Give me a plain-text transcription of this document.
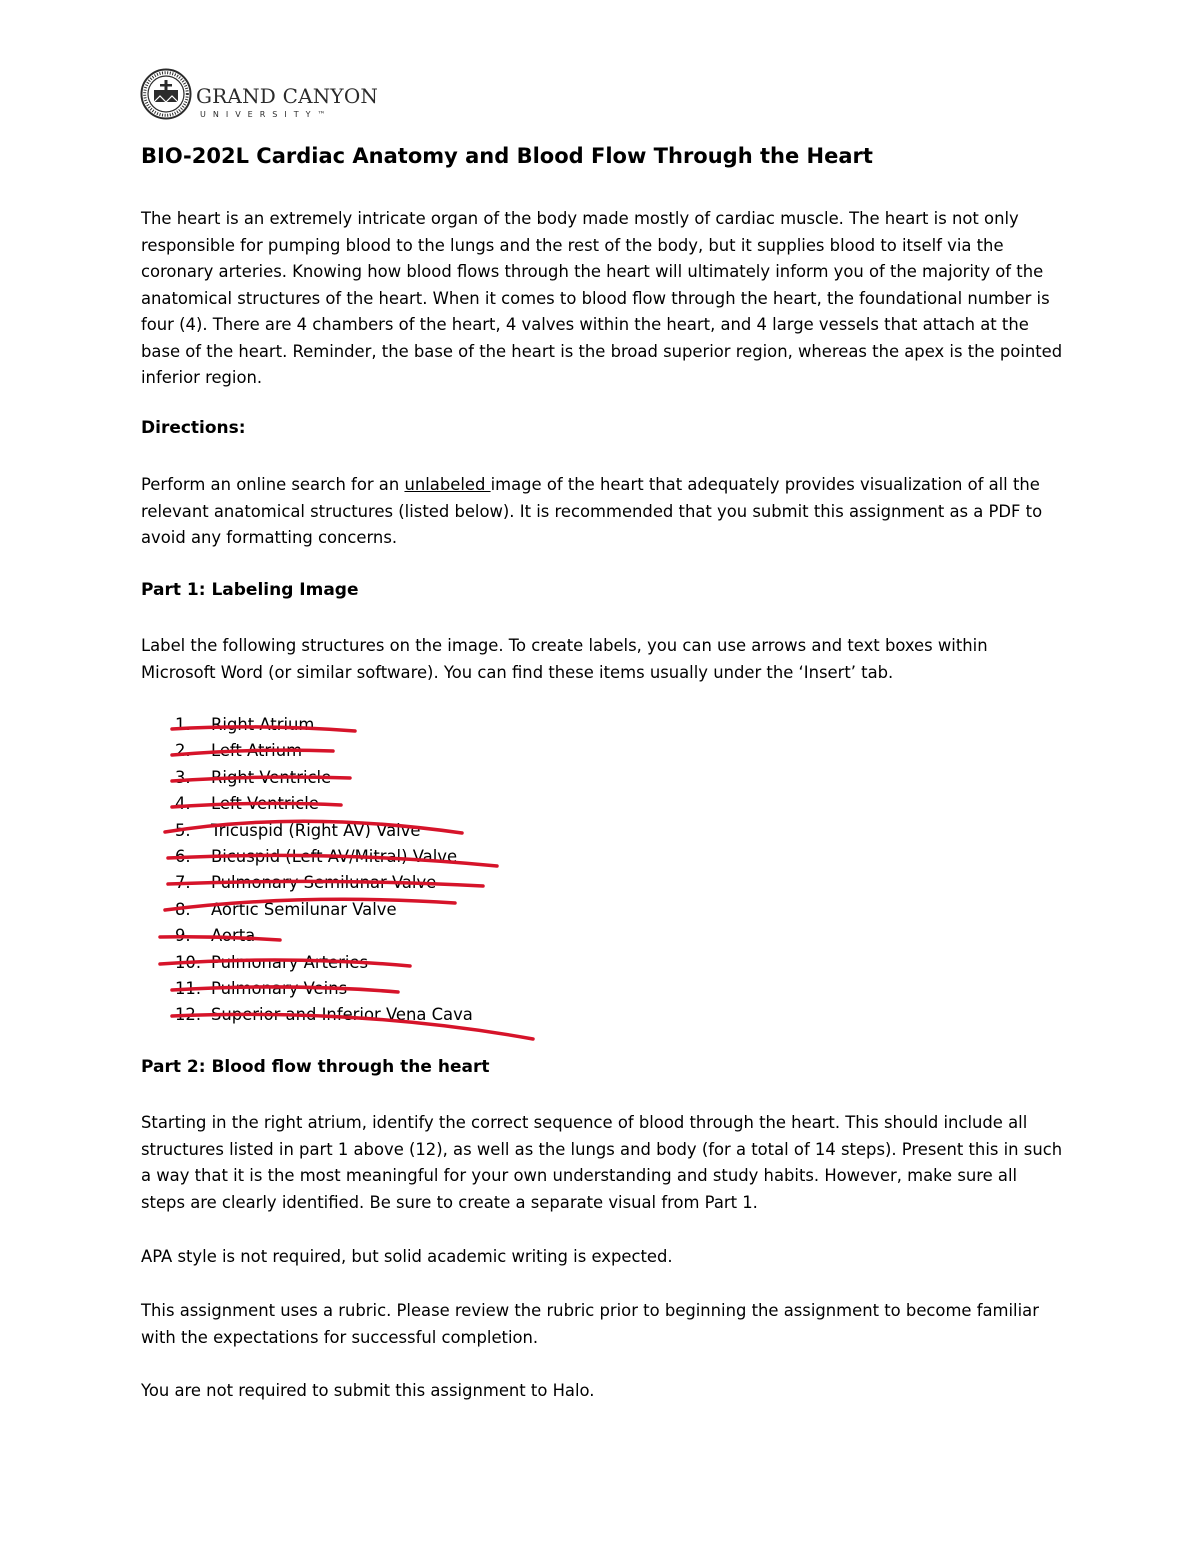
GRAND CANYON
UNIVERSITY™
BIO-202L Cardiac Anatomy and Blood Flow Through the Heart

The heart is an extremely intricate organ of the body made mostly of cardiac muscle. The heart is not only responsible for pumping blood to the lungs and the rest of the body, but it supplies blood to itself via the coronary arteries. Knowing how blood flows through the heart will ultimately inform you of the majority of the anatomical structures of the heart. When it comes to blood flow through the heart, the foundational number is four (4). There are 4 chambers of the heart, 4 valves within the heart, and 4 large vessels that attach at the base of the heart. Reminder, the base of the heart is the broad superior region, whereas the apex is the pointed inferior region.

Directions:

Perform an online search for an unlabeled image of the heart that adequately provides visualization of all the relevant anatomical structures (listed below). It is recommended that you submit this assignment as a PDF to avoid any formatting concerns.

Part 1: Labeling Image

Label the following structures on the image. To create labels, you can use arrows and text boxes within Microsoft Word (or similar software). You can find these items usually under the ‘Insert’ tab.

1. Right Atrium
2. Left Atrium
3. Right Ventricle
4. Left Ventricle
5. Tricuspid (Right AV) Valve
6. Bicuspid (Left AV/Mitral) Valve
7. Pulmonary Semilunar Valve
8. Aortic Semilunar Valve
9. Aorta
10. Pulmonary Arteries
11. Pulmonary Veins
12. Superior and Inferior Vena Cava

Part 2: Blood flow through the heart

Starting in the right atrium, identify the correct sequence of blood through the heart. This should include all structures listed in part 1 above (12), as well as the lungs and body (for a total of 14 steps). Present this in such a way that it is the most meaningful for your own understanding and study habits. However, make sure all steps are clearly identified. Be sure to create a separate visual from Part 1.

APA style is not required, but solid academic writing is expected.

This assignment uses a rubric. Please review the rubric prior to beginning the assignment to become familiar with the expectations for successful completion.

You are not required to submit this assignment to Halo.
